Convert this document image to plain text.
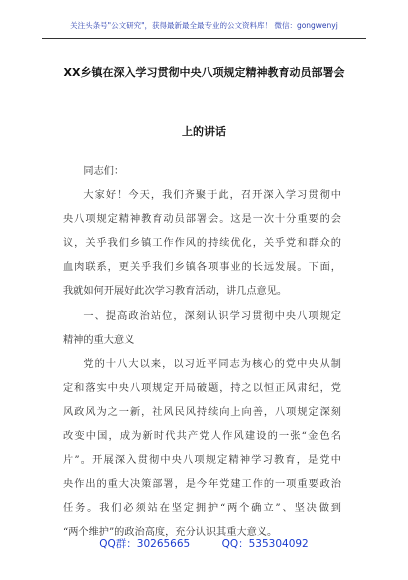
关注头条号"公文研究"，获得最新最全最专业的公文资料库！ 微信：gongwenyj
XX乡镇在深入学习贯彻中央八项规定精神教育动员部署会
上的讲话

同志们：

大家好！今天，我们齐聚于此，召开深入学习贯彻中
央八项规定精神教育动员部署会。这是一次十分重要的会
议，关乎我们乡镇工作作风的持续优化，关乎党和群众的
血肉联系，更关乎我们乡镇各项事业的长远发展。下面，
我就如何开展好此次学习教育活动，讲几点意见。

一、提高政治站位，深刻认识学习贯彻中央八项规定
精神的重大意义

党的十八大以来，以习近平同志为核心的党中央从制
定和落实中央八项规定开局破题，持之以恒正风肃纪，党
风政风为之一新，社风民风持续向上向善，八项规定深刻
改变中国，成为新时代共产党人作风建设的一张“金色名
片”。开展深入贯彻中央八项规定精神学习教育，是党中
央作出的重大决策部署，是今年党建工作的一项重要政治
任务。我们必须站在坚定拥护“两个确立”、坚决做到
“两个维护”的政治高度，充分认识其重大意义。

QQ群：30265665	QQ：535304092
